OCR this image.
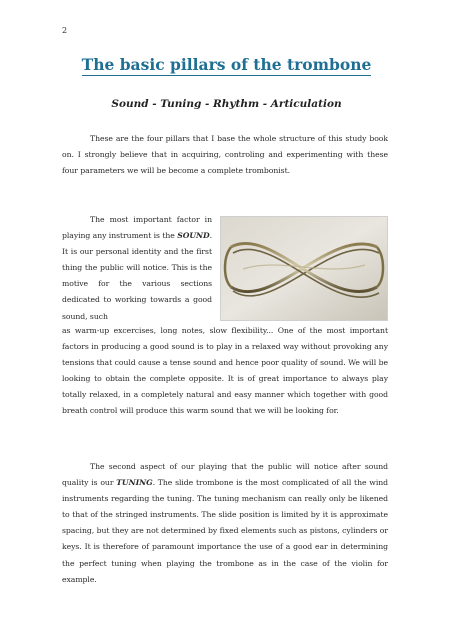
2
The basic pillars of the trombone
Sound - Tuning - Rhythm - Articulation

These are the four pillars that I base the whole structure of this study book on. I strongly believe that in acquiring, controling and experimenting with these four parameters we will be become a complete trombonist.

The most important factor in playing any instrument is the SOUND. It is our personal identity and the first thing the public will notice. This is the motive for the various sections dedicated to working towards a good sound, such

as warm-up excercises, long notes, slow flexibility... One of the most important factors in producing a good sound is to play in a relaxed way without provoking any tensions that could cause a tense sound and hence poor quality of sound. We will be looking to obtain the complete opposite. It is of great importance to always play totally relaxed, in a completely natural and easy manner which together with good breath control will produce this warm sound that we will be looking for.

The second aspect of our playing that the public will notice after sound quality is our TUNING. The slide trombone is the most complicated of all the wind instruments regarding the tuning. The tuning mechanism can really only be likened to that of the stringed instruments. The slide position is limited by it is approximate spacing, but they are not determined by fixed elements such as pistons, cylinders or keys. It is therefore of paramount importance the use of a good ear in determining the perfect tuning when playing the trombone as in the case of the violin for example.
